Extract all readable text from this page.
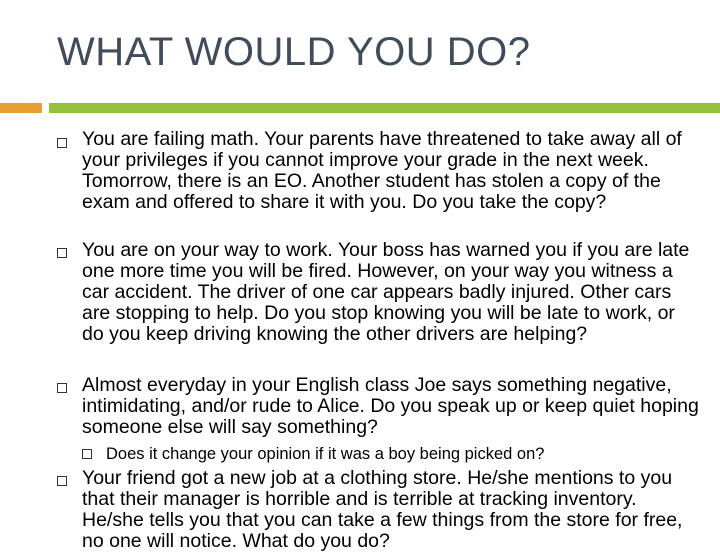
WHAT WOULD YOU DO?
You are failing math. Your parents have threatened to take away all of your privileges if you cannot improve your grade in the next week. Tomorrow, there is an EO. Another student has stolen a copy of the exam and offered to share it with you. Do you take the copy?
You are on your way to work. Your boss has warned you if you are late one more time you will be fired. However, on your way you witness a car accident. The driver of one car appears badly injured. Other cars are stopping to help. Do you stop knowing you will be late to work, or do you keep driving knowing the other drivers are helping?
Almost everyday in your English class Joe says something negative, intimidating, and/or rude to Alice. Do you speak up or keep quiet hoping someone else will say something?
Does it change your opinion if it was a boy being picked on?
Your friend got a new job at a clothing store. He/she mentions to you that their manager is horrible and is terrible at tracking inventory. He/she tells you that you can take a few things from the store for free, no one will notice. What do you do?
